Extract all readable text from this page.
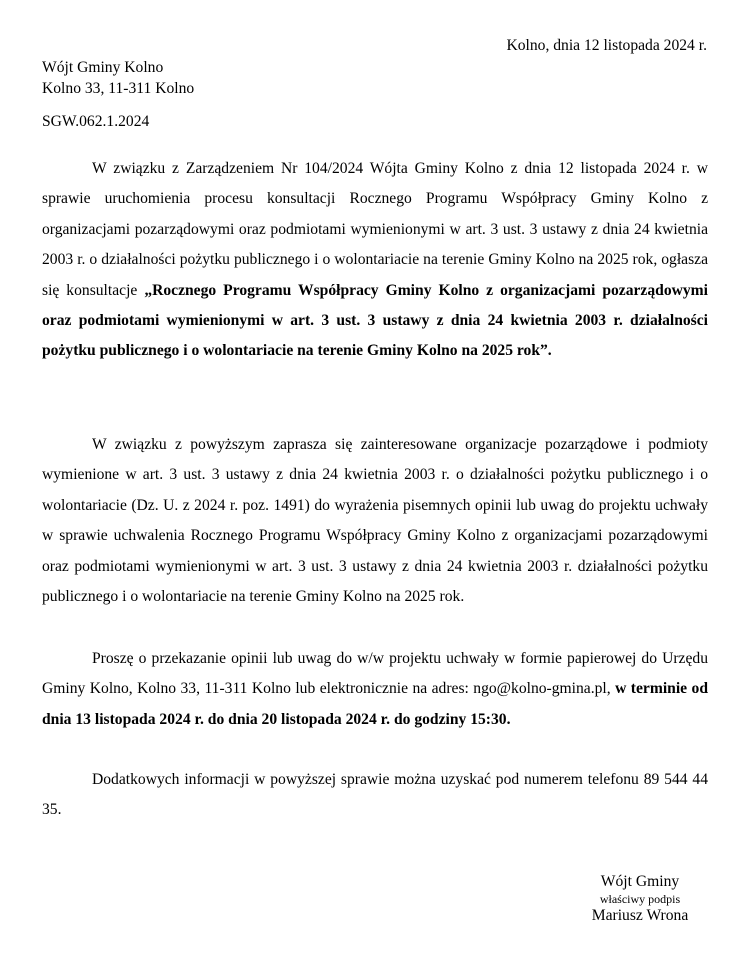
Kolno, dnia 12 listopada 2024 r.
Wójt Gminy Kolno
Kolno 33, 11-311 Kolno
SGW.062.1.2024

W związku z Zarządzeniem Nr 104/2024 Wójta Gminy Kolno z dnia 12 listopada 2024 r. w sprawie uruchomienia procesu konsultacji Rocznego Programu Współpracy Gminy Kolno z organizacjami pozarządowymi oraz podmiotami wymienionymi w art. 3 ust. 3 ustawy z dnia 24 kwietnia 2003 r. o działalności pożytku publicznego i o wolontariacie na terenie Gminy Kolno na 2025 rok, ogłasza się konsultacje „Rocznego Programu Współpracy Gminy Kolno z organizacjami pozarządowymi oraz podmiotami wymienionymi w art. 3 ust. 3 ustawy z dnia 24 kwietnia 2003 r. działalności pożytku publicznego i o wolontariacie na terenie Gminy Kolno na 2025 rok”.

W związku z powyższym zaprasza się zainteresowane organizacje pozarządowe i podmioty wymienione w art. 3 ust. 3 ustawy z dnia 24 kwietnia 2003 r. o działalności pożytku publicznego i o wolontariacie (Dz. U. z 2024 r. poz. 1491) do wyrażenia pisemnych opinii lub uwag do projektu uchwały w sprawie uchwalenia Rocznego Programu Współpracy Gminy Kolno z organizacjami pozarządowymi oraz podmiotami wymienionymi w art. 3 ust. 3 ustawy z dnia 24 kwietnia 2003 r. działalności pożytku publicznego i o wolontariacie na terenie Gminy Kolno na 2025 rok.

Proszę o przekazanie opinii lub uwag do w/w projektu uchwały w formie papierowej do Urzędu Gminy Kolno, Kolno 33, 11-311 Kolno lub elektronicznie na adres: ngo@kolno-gmina.pl, w terminie od dnia 13 listopada 2024 r. do dnia 20 listopada 2024 r. do godziny 15:30.

Dodatkowych informacji w powyższej sprawie można uzyskać pod numerem telefonu 89 544 44 35.

Wójt Gminy
właściwy podpis
Mariusz Wrona
